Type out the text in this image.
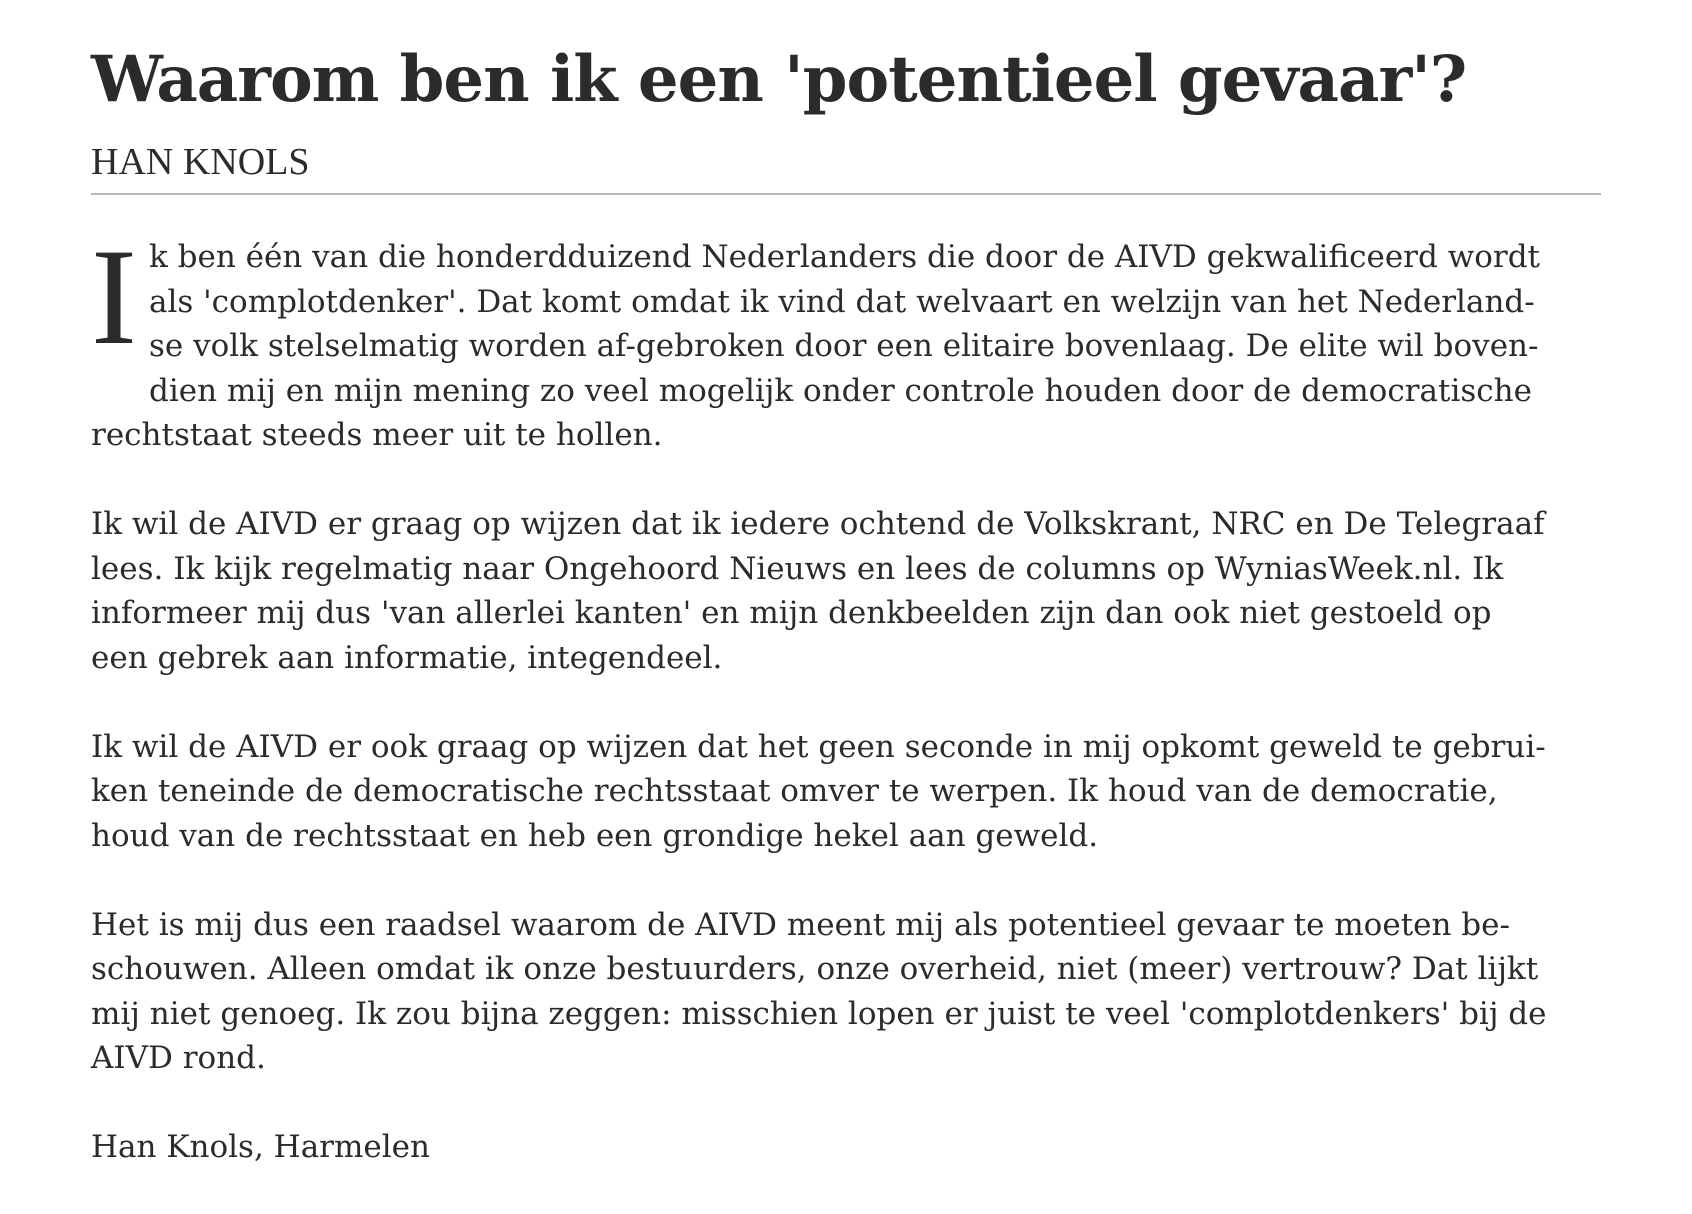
Waarom ben ik een 'potentieel gevaar'?
HAN KNOLS

I k ben één van die honderdduizend Nederlanders die door de AIVD gekwalificeerd wordt
als 'complotdenker'. Dat komt omdat ik vind dat welvaart en welzijn van het Nederland-
se volk stelselmatig worden af-gebroken door een elitaire bovenlaag. De elite wil boven-
dien mij en mijn mening zo veel mogelijk onder controle houden door de democratische
rechtstaat steeds meer uit te hollen.

Ik wil de AIVD er graag op wijzen dat ik iedere ochtend de Volkskrant, NRC en De Telegraaf
lees. Ik kijk regelmatig naar Ongehoord Nieuws en lees de columns op WyniasWeek.nl. Ik
informeer mij dus 'van allerlei kanten' en mijn denkbeelden zijn dan ook niet gestoeld op
een gebrek aan informatie, integendeel.

Ik wil de AIVD er ook graag op wijzen dat het geen seconde in mij opkomt geweld te gebrui-
ken teneinde de democratische rechtsstaat omver te werpen. Ik houd van de democratie,
houd van de rechtsstaat en heb een grondige hekel aan geweld.

Het is mij dus een raadsel waarom de AIVD meent mij als potentieel gevaar te moeten be-
schouwen. Alleen omdat ik onze bestuurders, onze overheid, niet (meer) vertrouw? Dat lijkt
mij niet genoeg. Ik zou bijna zeggen: misschien lopen er juist te veel 'complotdenkers' bij de
AIVD rond.

Han Knols, Harmelen
